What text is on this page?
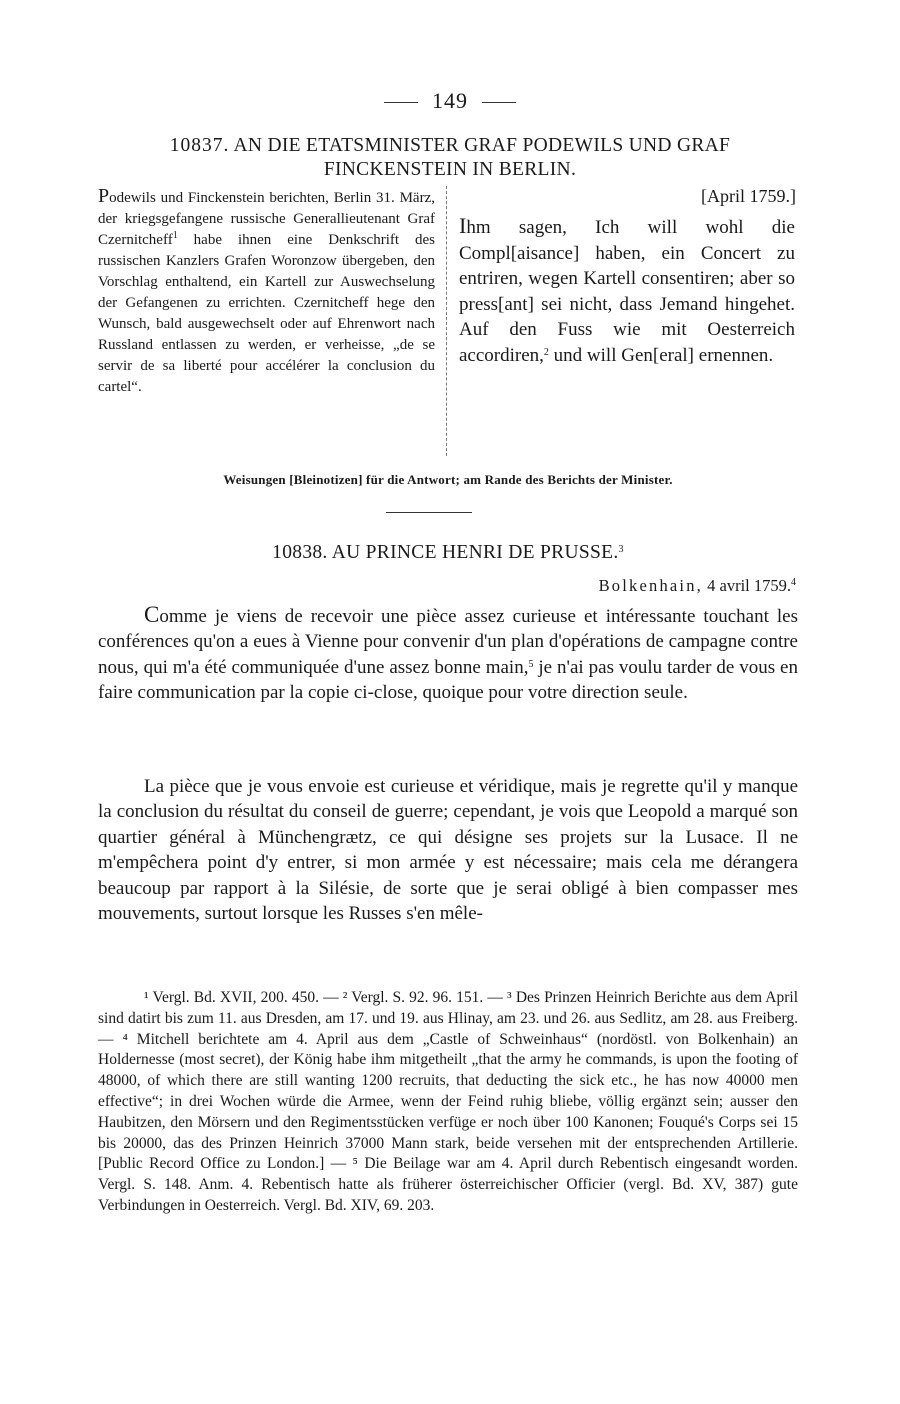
149
10837. AN DIE ETATSMINISTER GRAF PODEWILS UND GRAF FINCKENSTEIN IN BERLIN.
Podewils und Finckenstein berichten, Berlin 31. März, der kriegsgefangene russische Generallieutenant Graf Czernitcheff$^1$ habe ihnen eine Denkschrift des russischen Kanzlers Grafen Woronzow übergeben, den Vorschlag enthaltend, ein Kartell zur Auswechselung der Gefangenen zu errichten. Czernitcheff hege den Wunsch, bald ausgewechselt oder auf Ehrenwort nach Russland entlassen zu werden, er verheisse, „de se servir de sa liberté pour accélérer la conclusion du cartel“.
[April 1759.]
Ihm sagen, Ich will wohl die Compl[aisance] haben, ein Concert zu entriren, wegen Kartell consentiren; aber so press[ant] sei nicht, dass Jemand hingehet. Auf den Fuss wie mit Oesterreich accordiren,$^2$ und will Gen[eral] ernennen.
Weisungen [Bleinotizen] für die Antwort; am Rande des Berichts der Minister.
10838. AU PRINCE HENRI DE PRUSSE.$^3$
Bolkenhain, 4 avril 1759.$^4$
Comme je viens de recevoir une pièce assez curieuse et intéressante touchant les conférences qu'on a eues à Vienne pour convenir d'un plan d'opérations de campagne contre nous, qui m'a été communiquée d'une assez bonne main,$^5$ je n'ai pas voulu tarder de vous en faire communication par la copie ci-close, quoique pour votre direction seule.
La pièce que je vous envoie est curieuse et véridique, mais je regrette qu'il y manque la conclusion du résultat du conseil de guerre; cependant, je vois que Leopold a marqué son quartier général à Münchengrætz, ce qui désigne ses projets sur la Lusace. Il ne m'empêchera point d'y entrer, si mon armée y est nécessaire; mais cela me dérangera beaucoup par rapport à la Silésie, de sorte que je serai obligé à bien compasser mes mouvements, surtout lorsque les Russes s'en mêle-
¹ Vergl. Bd. XVII, 200. 450. — ² Vergl. S. 92. 96. 151. — ³ Des Prinzen Heinrich Berichte aus dem April sind datirt bis zum 11. aus Dresden, am 17. und 19. aus Hlinay, am 23. und 26. aus Sedlitz, am 28. aus Freiberg. — ⁴ Mitchell berichtete am 4. April aus dem „Castle of Schweinhaus“ (nordöstl. von Bolkenhain) an Holdernesse (most secret), der König habe ihm mitgetheilt „that the army he commands, is upon the footing of 48000, of which there are still wanting 1200 recruits, that deducting the sick etc., he has now 40000 men effective“; in drei Wochen würde die Armee, wenn der Feind ruhig bliebe, völlig ergänzt sein; ausser den Haubitzen, den Mörsern und den Regimentsstücken verfüge er noch über 100 Kanonen; Fouqué's Corps sei 15 bis 20000, das des Prinzen Heinrich 37000 Mann stark, beide versehen mit der entsprechenden Artillerie. [Public Record Office zu London.] — ⁵ Die Beilage war am 4. April durch Rebentisch eingesandt worden. Vergl. S. 148. Anm. 4. Rebentisch hatte als früherer österreichischer Officier (vergl. Bd. XV, 387) gute Verbindungen in Oesterreich. Vergl. Bd. XIV, 69. 203.
